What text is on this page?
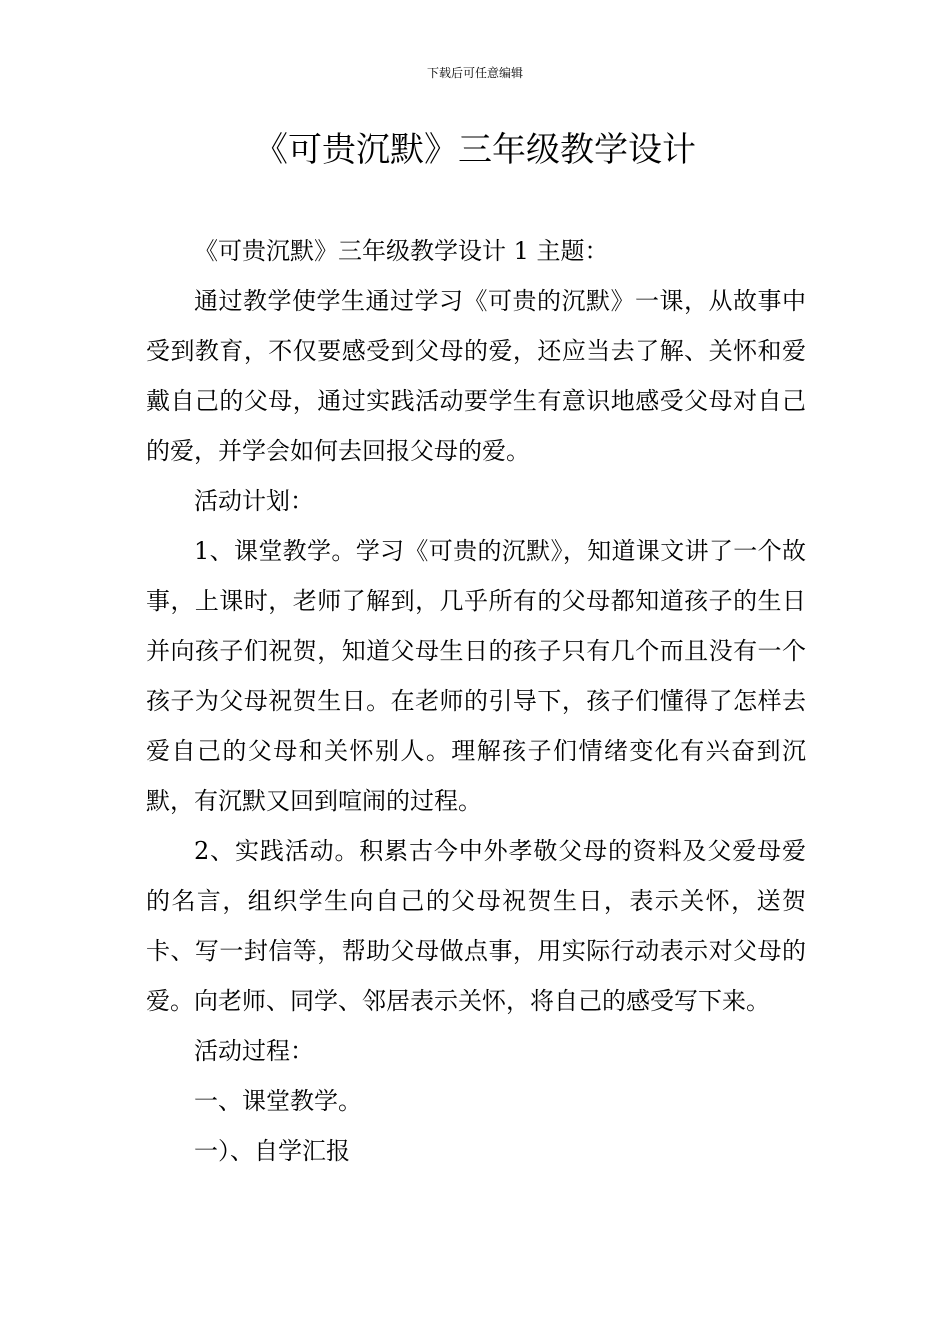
下载后可任意编辑
《可贵沉默》三年级教学设计

《可贵沉默》三年级教学设计 1 主题：

通过教学使学生通过学习《可贵的沉默》一课，从故事中受到教育，不仅要感受到父母的爱，还应当去了解、关怀和爱戴自己的父母，通过实践活动要学生有意识地感受父母对自己的爱，并学会如何去回报父母的爱。

活动计划：

1、课堂教学。学习《可贵的沉默》，知道课文讲了一个故事，上课时，老师了解到，几乎所有的父母都知道孩子的生日并向孩子们祝贺，知道父母生日的孩子只有几个而且没有一个孩子为父母祝贺生日。在老师的引导下，孩子们懂得了怎样去爱自己的父母和关怀别人。理解孩子们情绪变化有兴奋到沉默，有沉默又回到喧闹的过程。

2、实践活动。积累古今中外孝敬父母的资料及父爱母爱的名言，组织学生向自己的父母祝贺生日，表示关怀，送贺卡、写一封信等，帮助父母做点事，用实际行动表示对父母的爱。向老师、同学、邻居表示关怀，将自己的感受写下来。

活动过程：

一、课堂教学。

一）、自学汇报
